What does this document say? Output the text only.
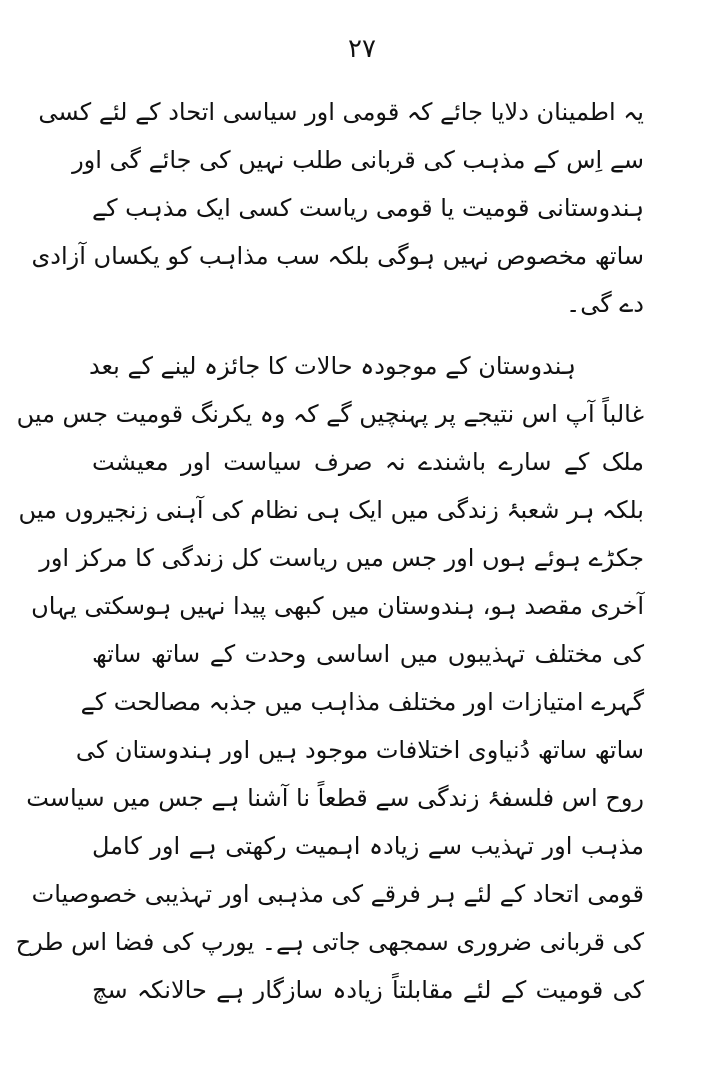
۲۷
یہ اطمینان دلایا جائے کہ قومی اور سیاسی اتحاد کے لئے کسی
سے اِس کے مذہب کی قربانی طلب نہیں کی جائے گی اور
ہندوستانی قومیت یا قومی ریاست کسی ایک مذہب کے
ساتھ مخصوص نہیں ہوگی بلکہ سب مذاہب کو یکساں آزادی
دے گی۔
ہندوستان کے موجودہ حالات کا جائزہ لینے کے بعد
غالباً آپ اس نتیجے پر پہنچیں گے کہ وہ یکرنگ قومیت جس میں
ملک کے سارے باشندے نہ صرف سیاست اور معیشت
بلکہ ہر شعبۂ زندگی میں ایک ہی نظام کی آہنی زنجیروں میں
جکڑے ہوئے ہوں اور جس میں ریاست کل زندگی کا مرکز اور
آخری مقصد ہو، ہندوستان میں کبھی پیدا نہیں ہوسکتی یہاں
کی مختلف تہذیبوں میں اساسی وحدت کے ساتھ ساتھ
گہرے امتیازات اور مختلف مذاہب میں جذبہ مصالحت کے
ساتھ ساتھ دُنیاوی اختلافات موجود ہیں اور ہندوستان کی
روح اس فلسفۂ زندگی سے قطعاً نا آشنا ہے جس میں سیاست
مذہب اور تہذیب سے زیادہ اہمیت رکھتی ہے اور کامل
قومی اتحاد کے لئے ہر فرقے کی مذہبی اور تہذیبی خصوصیات
کی قربانی ضروری سمجھی جاتی ہے۔ یورپ کی فضا اس طرح
کی قومیت کے لئے مقابلتاً زیادہ سازگار ہے حالانکہ سچ
